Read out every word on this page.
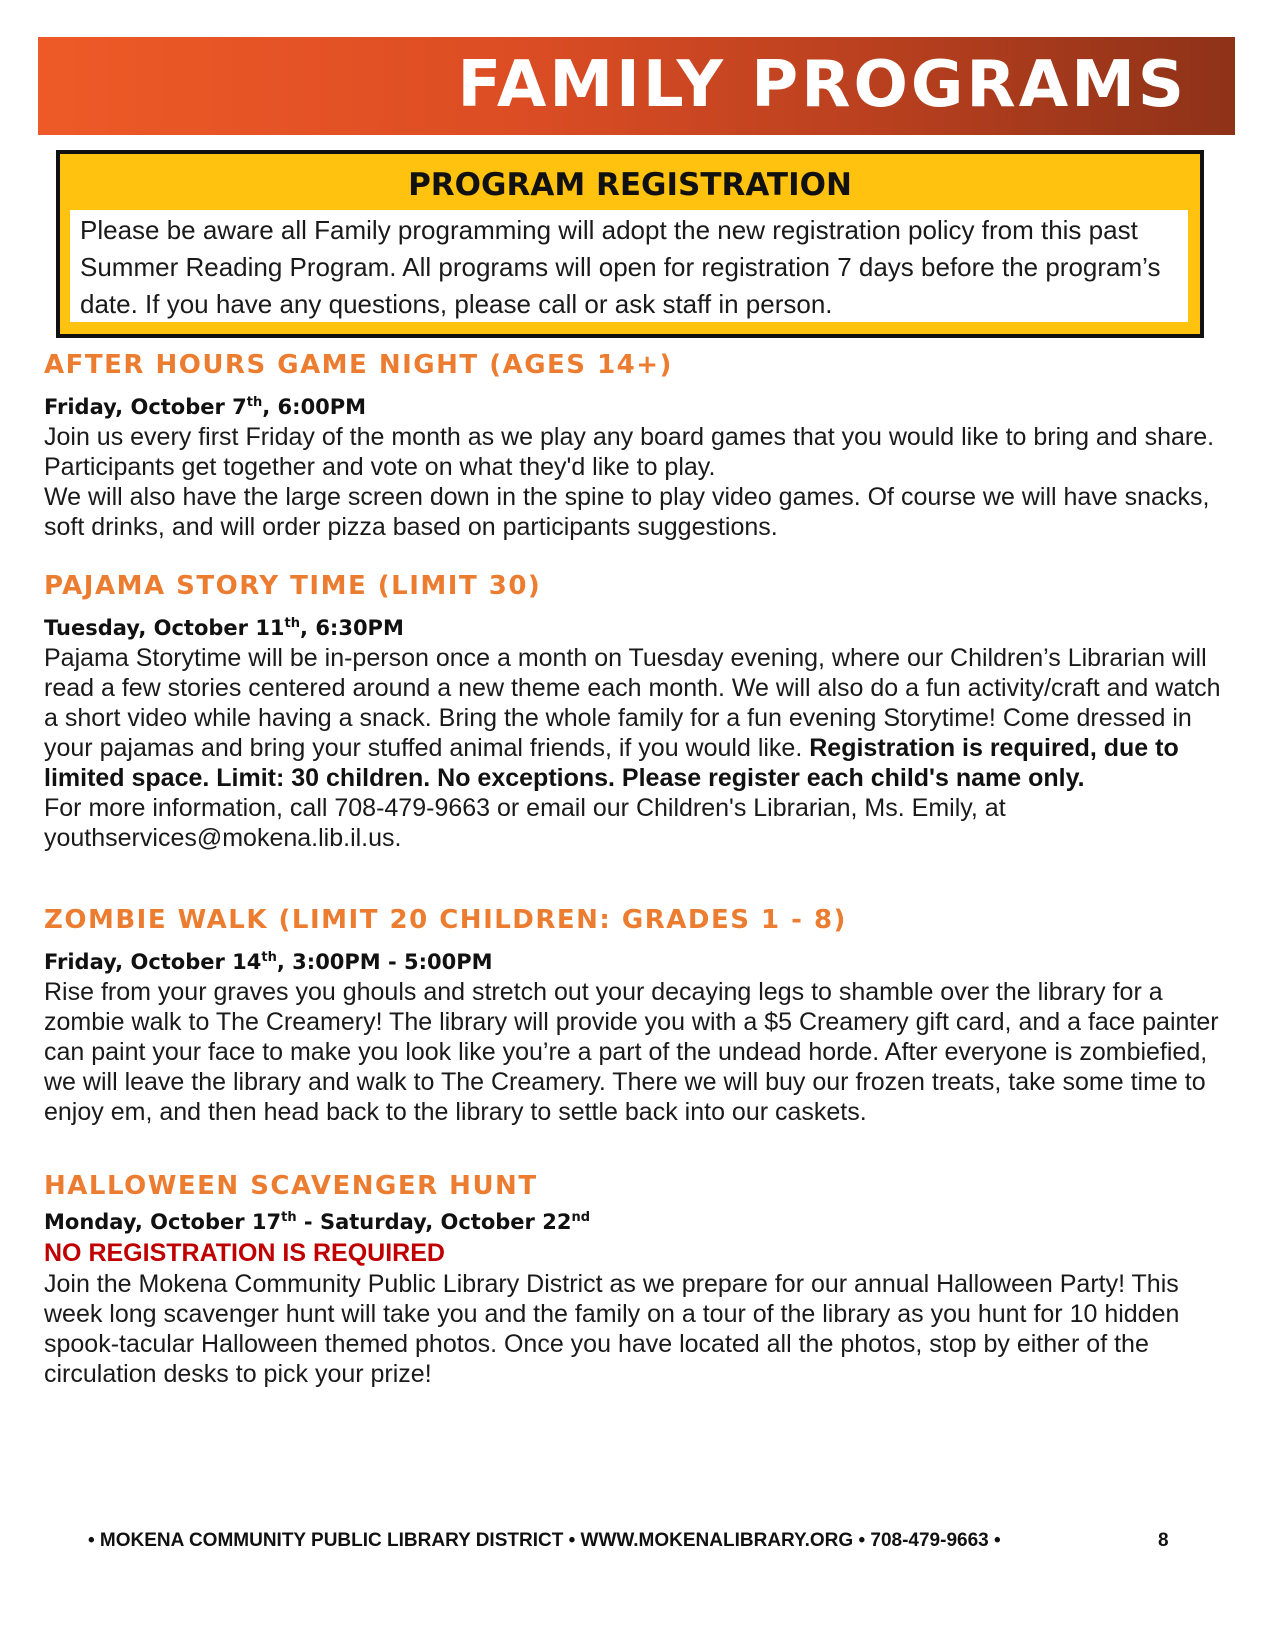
FAMILY PROGRAMS
PROGRAM REGISTRATION
Please be aware all Family programming will adopt the new registration policy from this past Summer Reading Program. All programs will open for registration 7 days before the program’s date. If you have any questions, please call or ask staff in person.
AFTER HOURS GAME NIGHT (AGES 14+)
Friday, October 7th, 6:00PM
Join us every first Friday of the month as we play any board games that you would like to bring and share. Participants get together and vote on what they'd like to play.
We will also have the large screen down in the spine to play video games. Of course we will have snacks, soft drinks, and will order pizza based on participants suggestions.
PAJAMA STORY TIME (LIMIT 30)
Tuesday, October 11th, 6:30PM
Pajama Storytime will be in-person once a month on Tuesday evening, where our Children’s Librarian will read a few stories centered around a new theme each month. We will also do a fun activity/craft and watch a short video while having a snack. Bring the whole family for a fun evening Storytime! Come dressed in your pajamas and bring your stuffed animal friends, if you would like. Registration is required, due to limited space. Limit: 30 children. No exceptions. Please register each child's name only.
For more information, call 708-479-9663 or email our Children's Librarian, Ms. Emily, at youthservices@mokena.lib.il.us.
ZOMBIE WALK (LIMIT 20 CHILDREN: GRADES 1 - 8)
Friday, October 14th, 3:00PM - 5:00PM
Rise from your graves you ghouls and stretch out your decaying legs to shamble over the library for a zombie walk to The Creamery! The library will provide you with a $5 Creamery gift card, and a face painter can paint your face to make you look like you’re a part of the undead horde. After everyone is zombiefied, we will leave the library and walk to The Creamery. There we will buy our frozen treats, take some time to enjoy em, and then head back to the library to settle back into our caskets.
HALLOWEEN SCAVENGER HUNT
Monday, October 17th - Saturday, October 22nd
NO REGISTRATION IS REQUIRED
Join the Mokena Community Public Library District as we prepare for our annual Halloween Party! This week long scavenger hunt will take you and the family on a tour of the library as you hunt for 10 hidden spook-tacular Halloween themed photos. Once you have located all the photos, stop by either of the circulation desks to pick your prize!
• MOKENA COMMUNITY PUBLIC LIBRARY DISTRICT • WWW.MOKENALIBRARY.ORG • 708-479-9663 •	8
